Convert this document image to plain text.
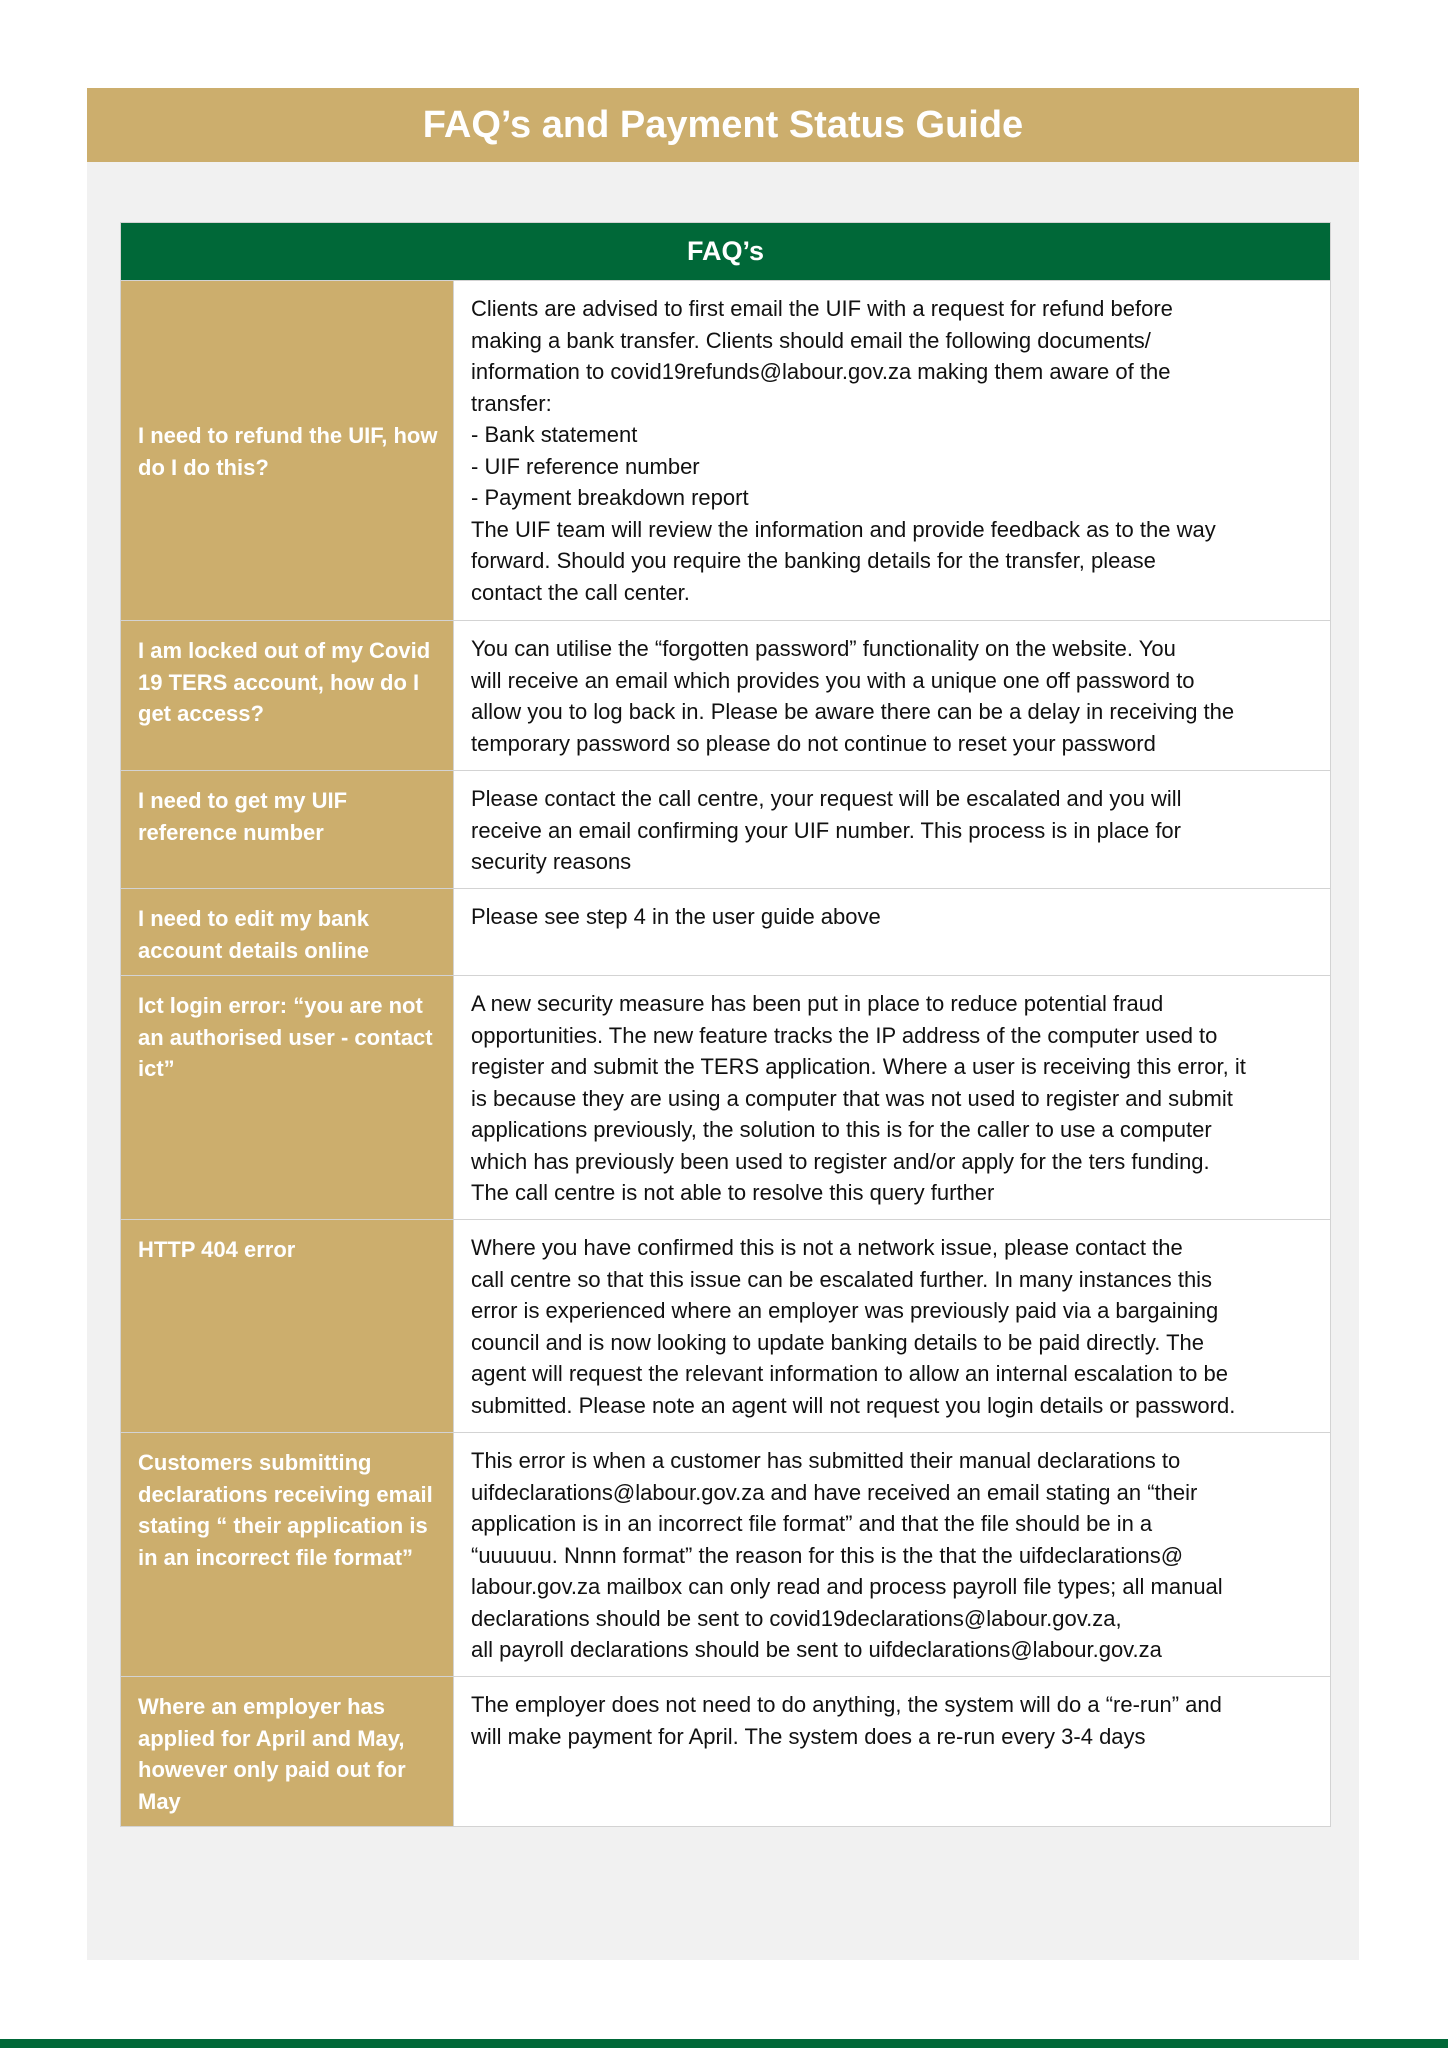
FAQ’s and Payment Status Guide
FAQ’s
I need to refund the UIF, how do I do this?
Clients are advised to first email the UIF with a request for refund before
making a bank transfer. Clients should email the following documents/
information to covid19refunds@labour.gov.za making them aware of the
transfer:
- Bank statement
- UIF reference number
- Payment breakdown report
The UIF team will review the information and provide feedback as to the way
forward. Should you require the banking details for the transfer, please
contact the call center.
I am locked out of my Covid 19 TERS account, how do I get access?
You can utilise the “forgotten password” functionality on the website. You
will receive an email which provides you with a unique one off password to
allow you to log back in. Please be aware there can be a delay in receiving the
temporary password so please do not continue to reset your password
I need to get my UIF reference number
Please contact the call centre, your request will be escalated and you will
receive an email confirming your UIF number. This process is in place for
security reasons
I need to edit my bank account details online
Please see step 4 in the user guide above
Ict login error: “you are not an authorised user - contact ict”
A new security measure has been put in place to reduce potential fraud
opportunities. The new feature tracks the IP address of the computer used to
register and submit the TERS application. Where a user is receiving this error, it
is because they are using a computer that was not used to register and submit
applications previously, the solution to this is for the caller to use a computer
which has previously been used to register and/or apply for the ters funding.
The call centre is not able to resolve this query further
HTTP 404 error	Where you have confirmed this is not a network issue, please contact the
call centre so that this issue can be escalated further. In many instances this
error is experienced where an employer was previously paid via a bargaining
council and is now looking to update banking details to be paid directly. The
agent will request the relevant information to allow an internal escalation to be
submitted. Please note an agent will not request you login details or password.
Customers submitting declarations receiving email stating “ their application is in an incorrect file format”
This error is when a customer has submitted their manual declarations to
uifdeclarations@labour.gov.za and have received an email stating an “their
application is in an incorrect file format” and that the file should be in a
“uuuuuu. Nnnn format” the reason for this is the that the uifdeclarations@
labour.gov.za mailbox can only read and process payroll file types; all manual
declarations should be sent to covid19declarations@labour.gov.za,
all payroll declarations should be sent to uifdeclarations@labour.gov.za
Where an employer has applied for April and May, however only paid out for May
The employer does not need to do anything, the system will do a “re-run” and
will make payment for April. The system does a re-run every 3-4 days
